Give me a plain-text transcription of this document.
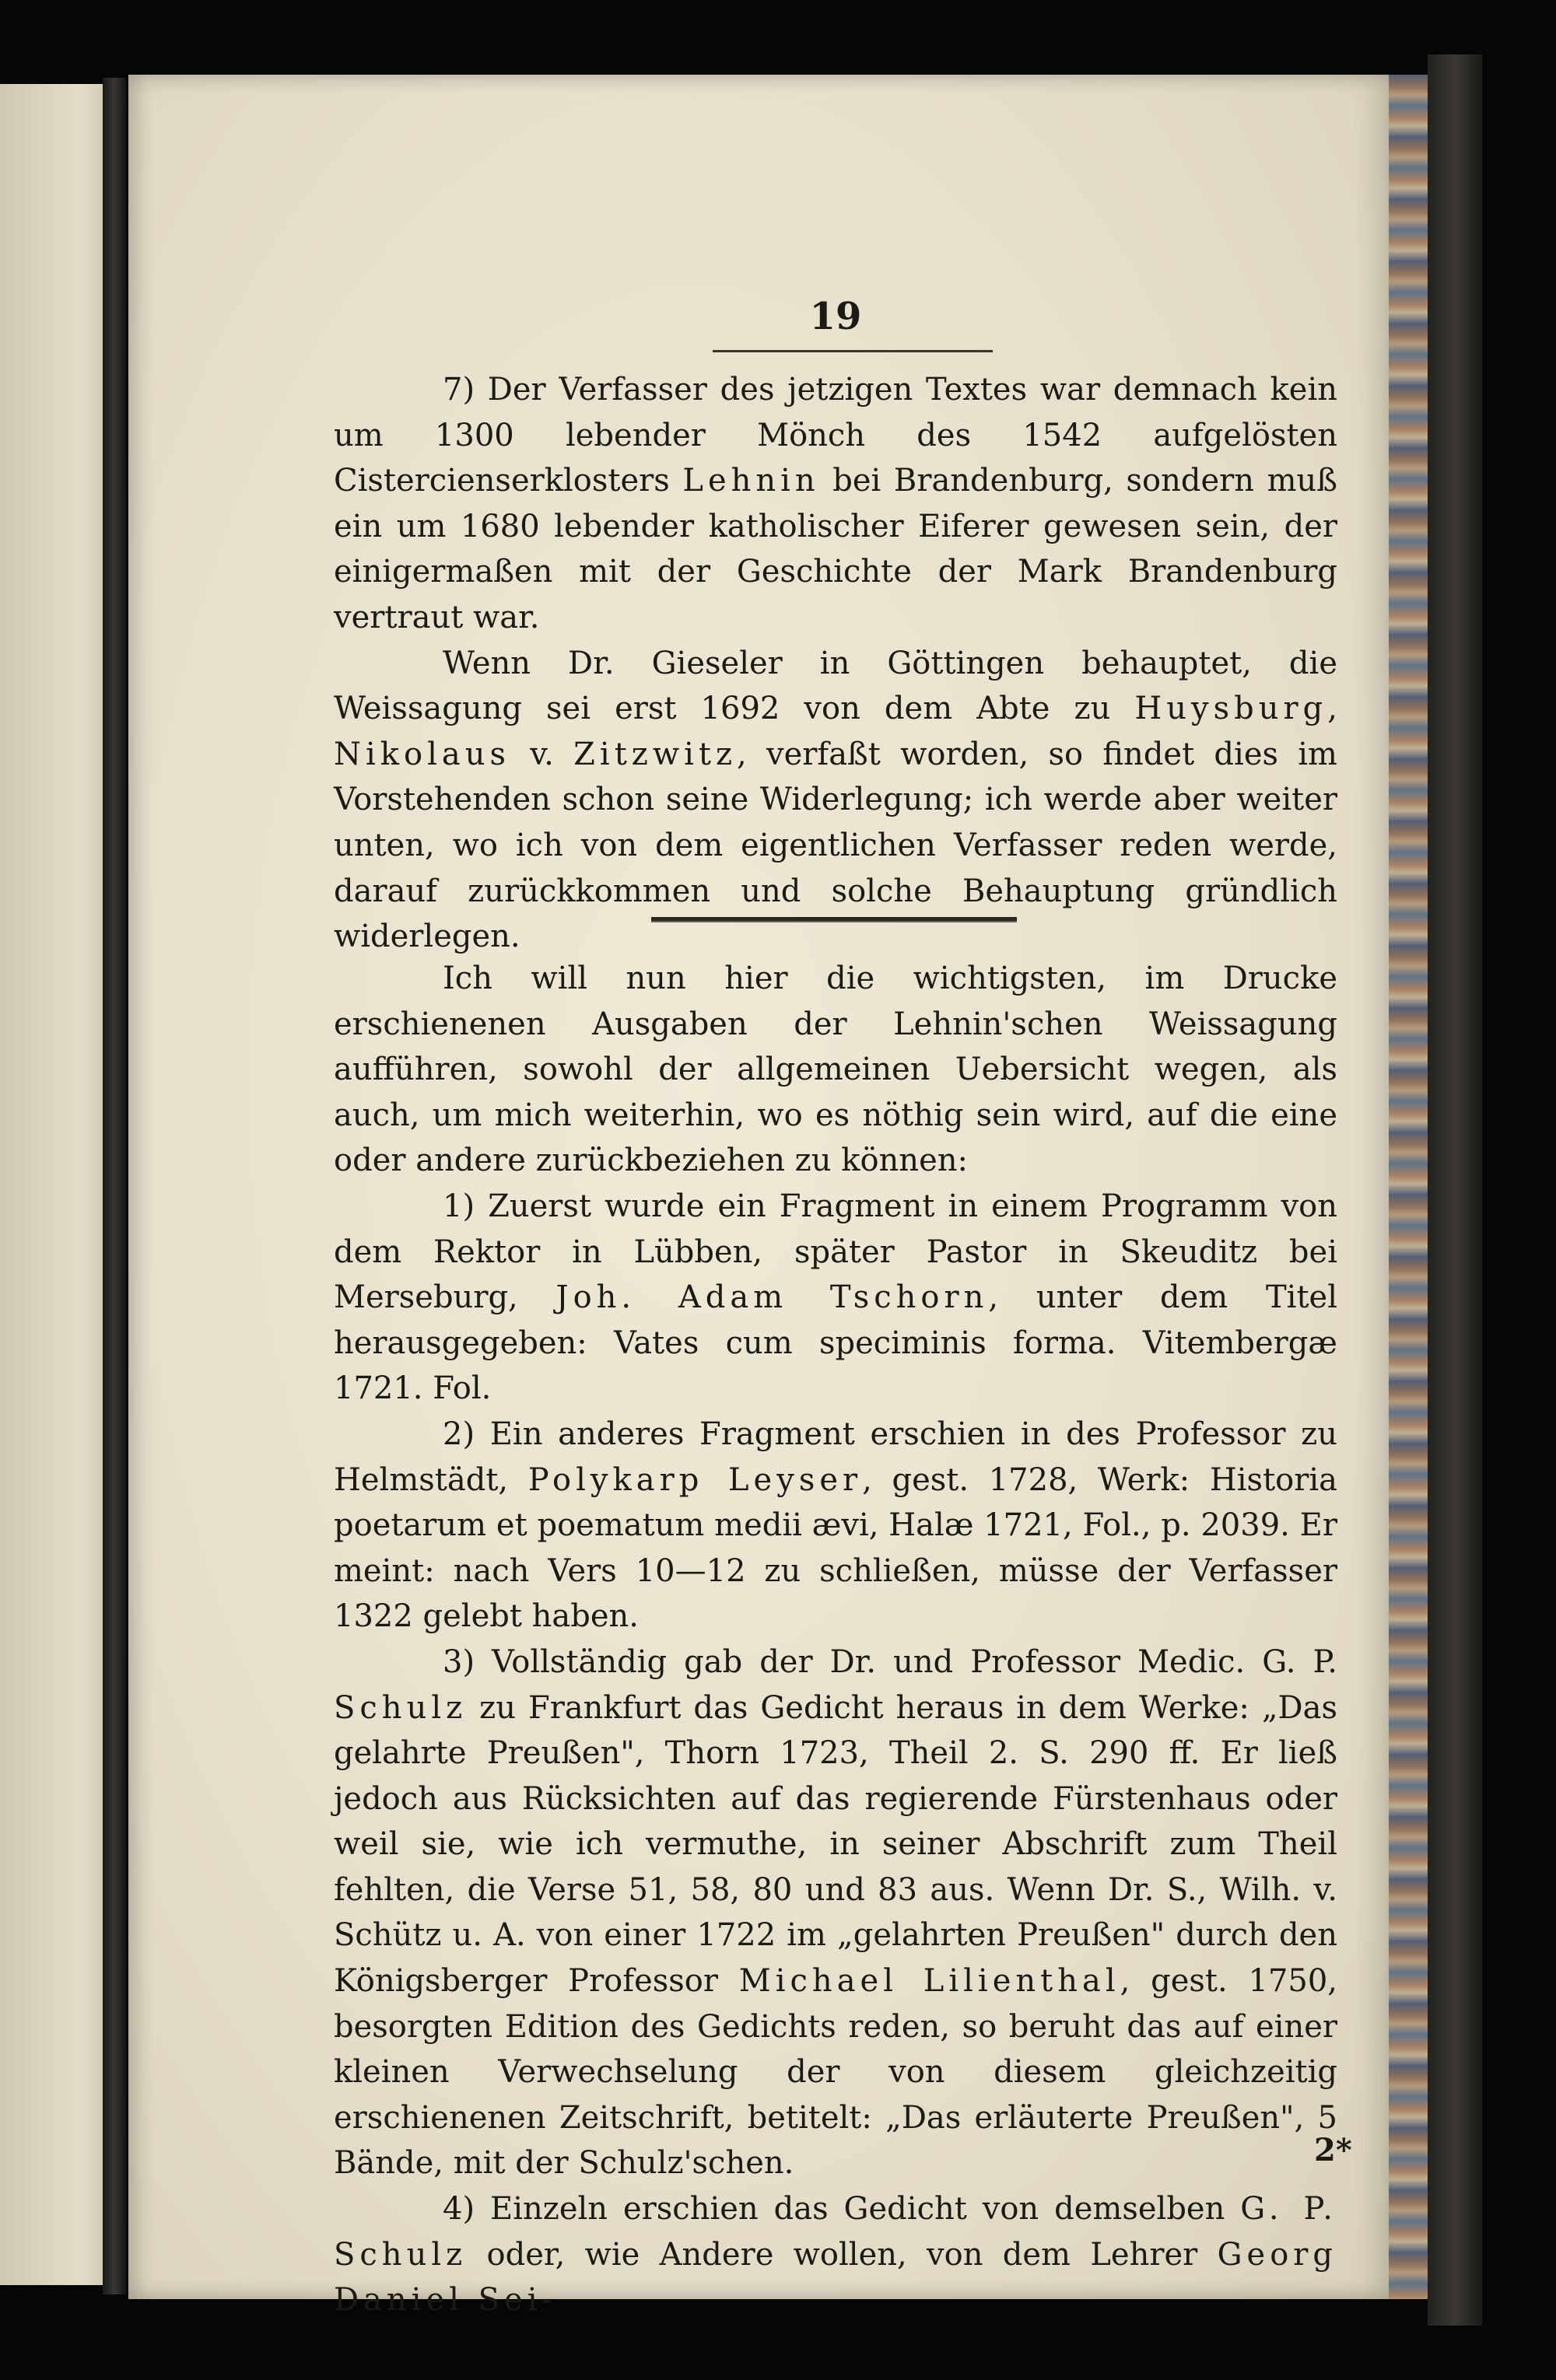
19

7) Der Verfasser des jetzigen Textes war demnach kein um 1300 lebender Mönch des 1542 aufgelösten Cistercienserklosters Lehnin bei Brandenburg, sondern muß ein um 1680 lebender katholischer Eiferer gewesen sein, der einigermaßen mit der Geschichte der Mark Brandenburg vertraut war.

Wenn Dr. Gieseler in Göttingen behauptet, die Weissagung sei erst 1692 von dem Abte zu Huysburg, Nikolaus v. Zitzwitz, verfaßt worden, so findet dies im Vorstehenden schon seine Widerlegung; ich werde aber weiter unten, wo ich von dem eigentlichen Verfasser reden werde, darauf zurückkommen und solche Behauptung gründlich widerlegen.

Ich will nun hier die wichtigsten, im Drucke erschienenen Ausgaben der Lehnin'schen Weissagung aufführen, sowohl der allgemeinen Uebersicht wegen, als auch, um mich weiterhin, wo es nöthig sein wird, auf die eine oder andere zurückbeziehen zu können:

1) Zuerst wurde ein Fragment in einem Programm von dem Rektor in Lübben, später Pastor in Skeuditz bei Merseburg, Joh. Adam Tschorn, unter dem Titel herausgegeben: Vates cum speciminis forma. Vitembergæ 1721. Fol.

2) Ein anderes Fragment erschien in des Professor zu Helmstädt, Polykarp Leyser, gest. 1728, Werk: Historia poetarum et poematum medii ævi, Halæ 1721, Fol., p. 2039. Er meint: nach Vers 10—12 zu schließen, müsse der Verfasser 1322 gelebt haben.

3) Vollständig gab der Dr. und Professor Medic. G. P. Schulz zu Frankfurt das Gedicht heraus in dem Werke: „Das gelahrte Preußen", Thorn 1723, Theil 2. S. 290 ff. Er ließ jedoch aus Rücksichten auf das regierende Fürstenhaus oder weil sie, wie ich vermuthe, in seiner Abschrift zum Theil fehlten, die Verse 51, 58, 80 und 83 aus. Wenn Dr. S., Wilh. v. Schütz u. A. von einer 1722 im „gelahrten Preußen" durch den Königsberger Professor Michael Lilienthal, gest. 1750, besorgten Edition des Gedichts reden, so beruht das auf einer kleinen Verwechselung der von diesem gleichzeitig erschienenen Zeitschrift, betitelt: „Das erläuterte Preußen", 5 Bände, mit der Schulz'schen.

4) Einzeln erschien das Gedicht von demselben G. P. Schulz oder, wie Andere wollen, von dem Lehrer Georg Daniel Sei-

2*
